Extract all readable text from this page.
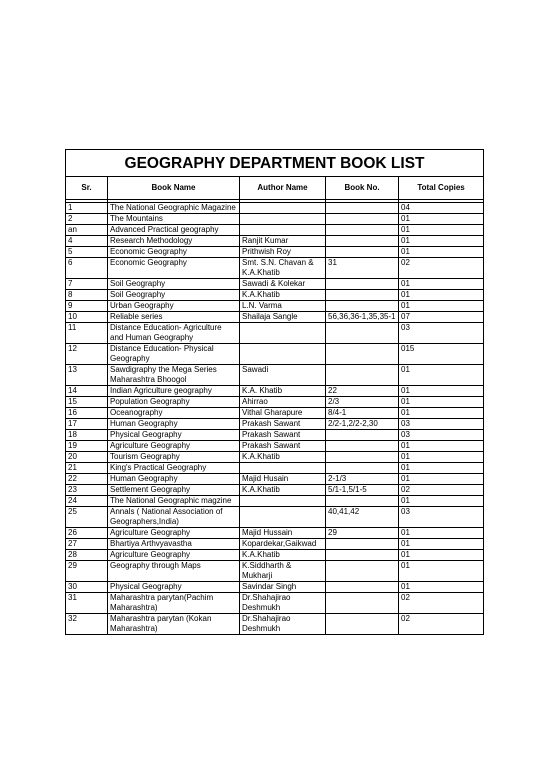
GEOGRAPHY DEPARTMENT BOOK LIST				
Sr.	Book Name	Author Name	Book No.	Total Copies

1	The National Geographic Magazine			04
2	The Mountains			01
an	Advanced Practical geography			01
4	Research Methodology	Ranjit Kumar		01
5	Economic Geography	Prithwish Roy		01
6	Economic Geography	Smt. S.N. Chavan & K.A.Khatib	31	02
7	Soil Geography	Sawadi & Kolekar		01
8	Soil Geography	K.A.Khatib		01
9	Urban Geography	L.N. Varma		01
10	Reliable series	Shailaja Sangle	56,36,36-1,35,35-1	07
11	Distance Education- Agriculture and Human Geography			03
12	Distance Education- Physical Geography			015
13	Sawdigraphy the Mega Series Maharashtra Bhoogol	Sawadi		01
14	Indian Agriculture geography	K.A. Khatib	22	01
15	Population Geography	Ahirrao	2/3	01
16	Oceanography	Vithal Gharapure	8/4-1	01
17	Human Geography	Prakash Sawant	2/2-1,2/2-2,30	03
18	Physical Geography	Prakash Sawant		03
19	Agriculture Geography	Prakash Sawant		01
20	Tourism Geography	K.A.Khatib		01
21	King's Practical Geography			01
22	Human Geography	Majid Husain	2-1/3	01
23	Settlement Geography	K.A.Khatib	5/1-1,5/1-5	02
24	The National Geographic magzine			01
25	Annals ( National Association of Geographers,India)		40,41,42	03
26	Agriculture Geography	Majid Hussain	29	01
27	Bhartiya Arthvyavastha	Kopardekar,Gaikwad		01
28	Agriculture Geography	K.A.Khatib		01
29	Geography through Maps	K.Siddharth & Mukharji		01
30	Physical Geography	Savindar Singh		01
31	Maharashtra parytan(Pachim Maharashtra)	Dr.Shahajirao Deshmukh		02
32	Maharashtra parytan (Kokan Maharashtra)	Dr.Shahajirao Deshmukh		02
